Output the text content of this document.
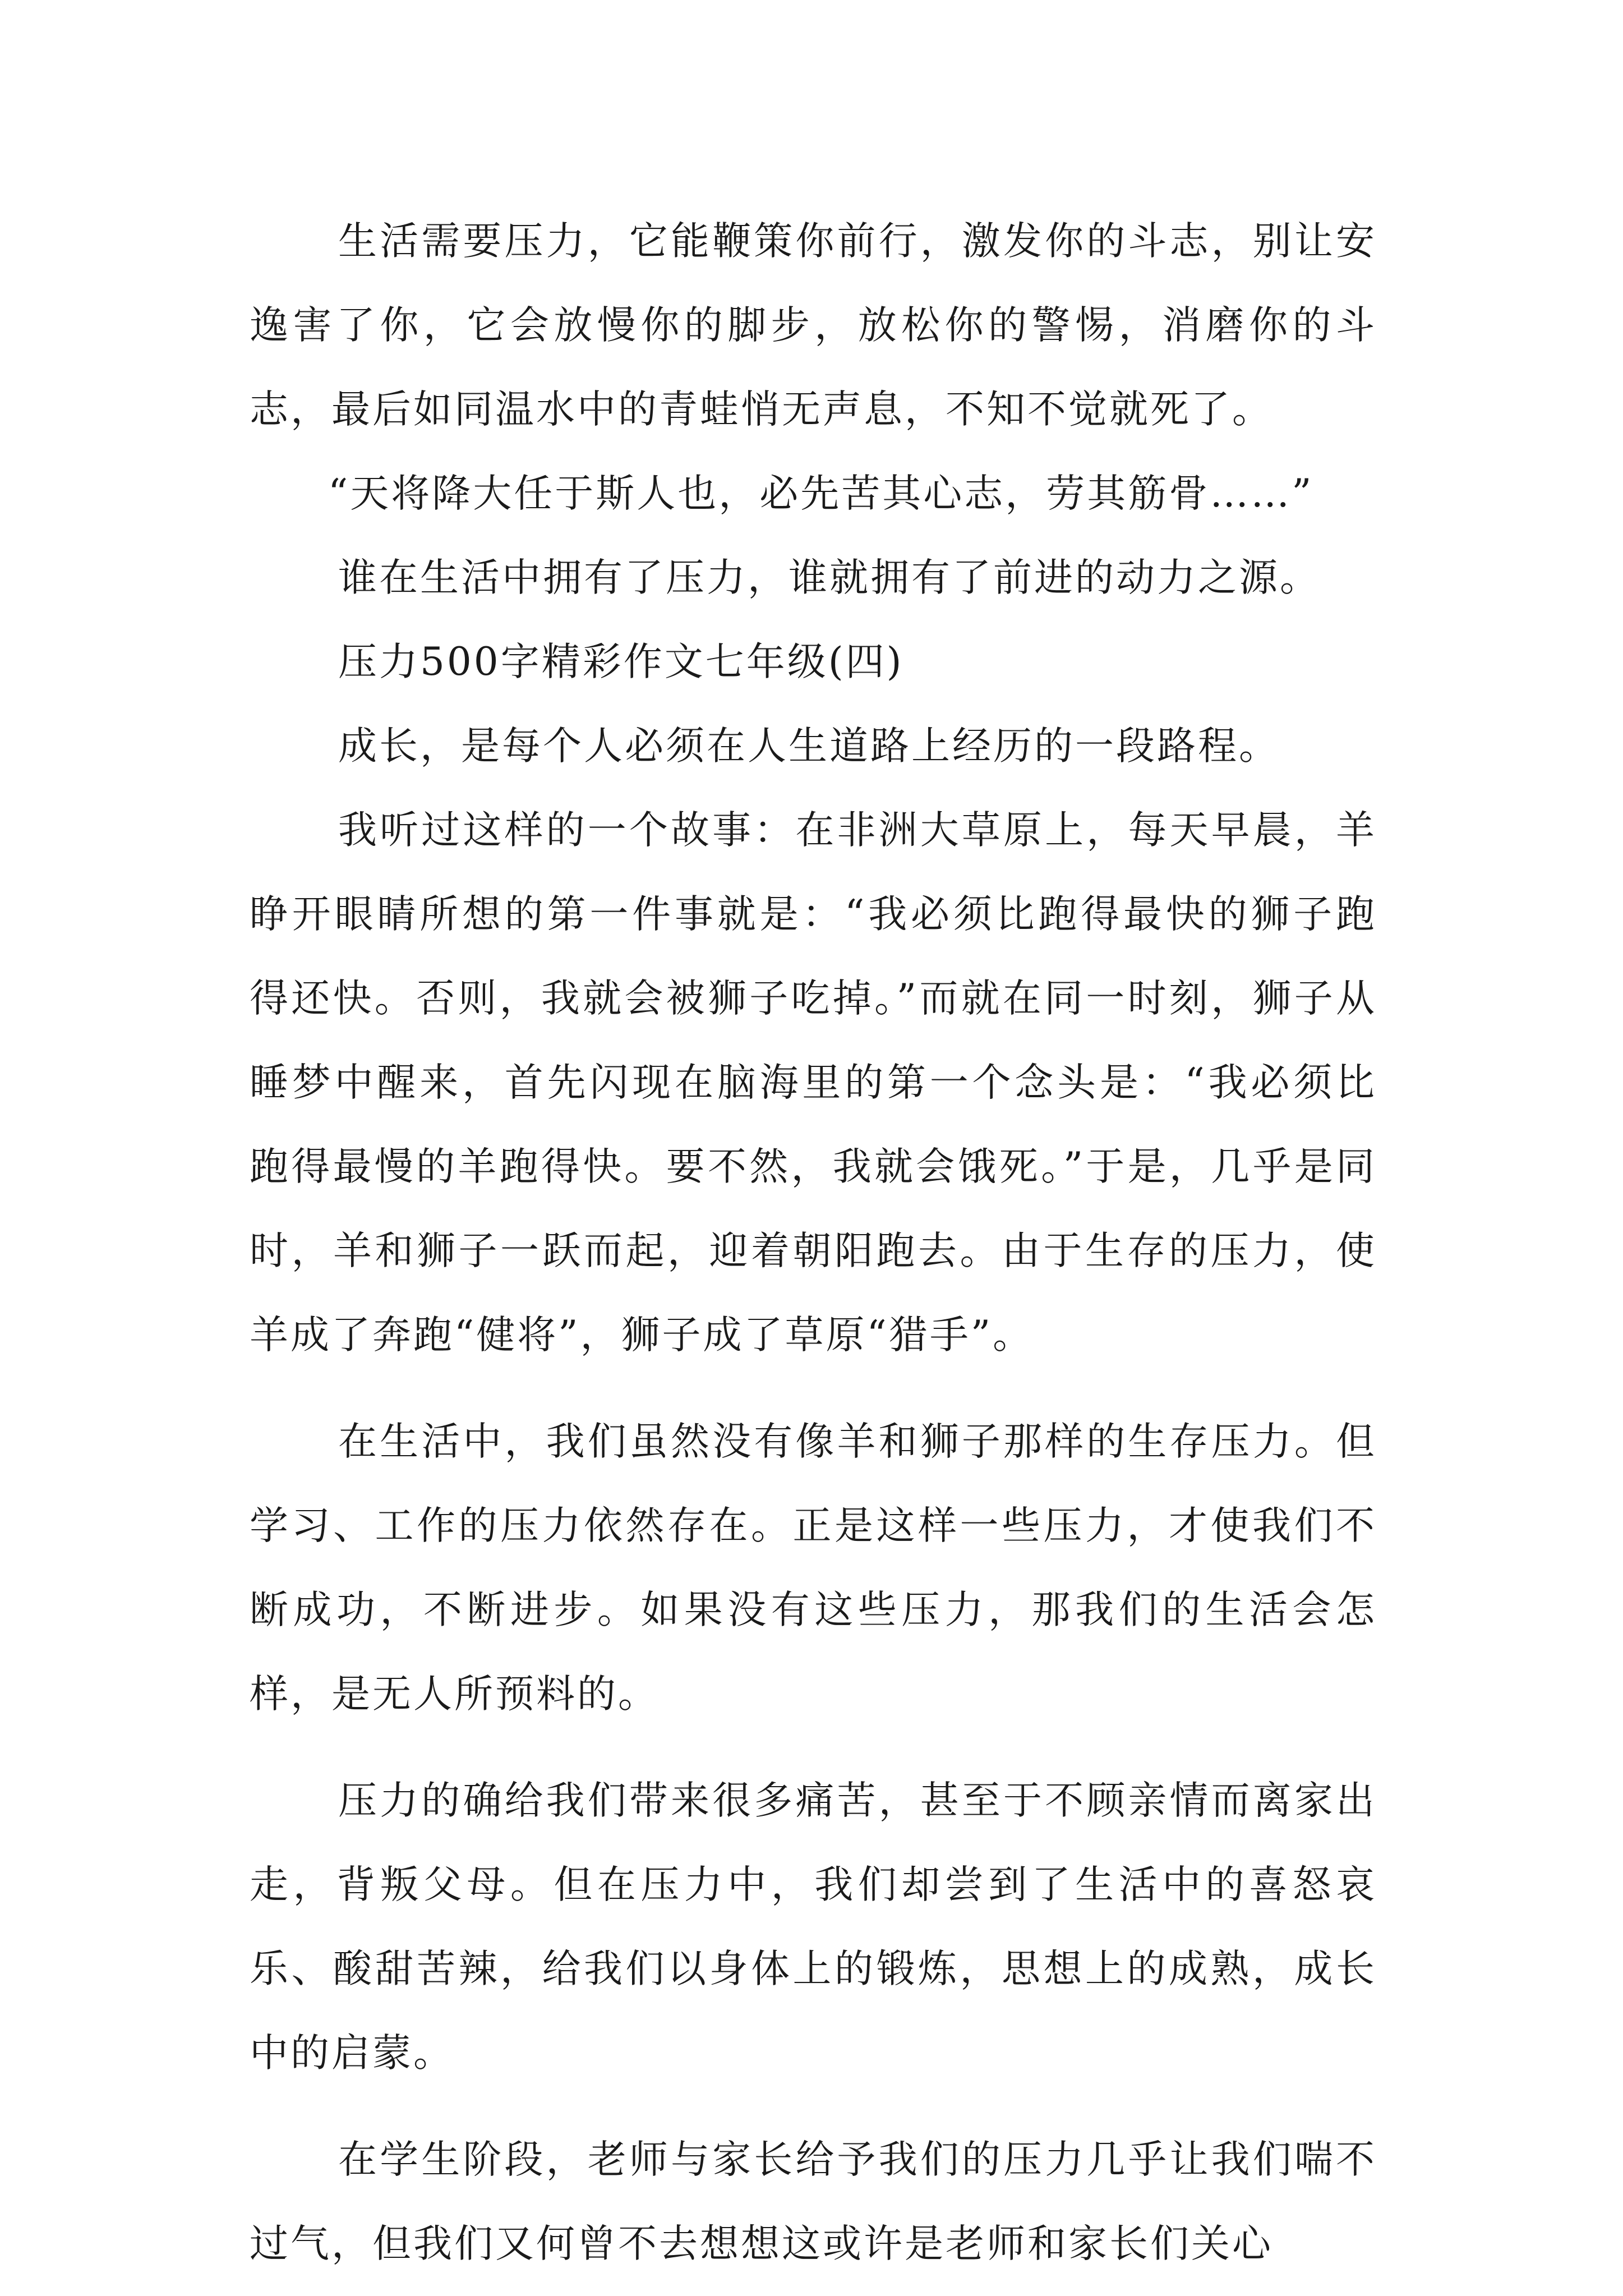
生活需要压力，它能鞭策你前行，激发你的斗志，别让安逸害了你，它会放慢你的脚步，放松你的警惕，消磨你的斗志，最后如同温水中的青蛙悄无声息，不知不觉就死了。

“天将降大任于斯人也，必先苦其心志，劳其筋骨……”

谁在生活中拥有了压力，谁就拥有了前进的动力之源。

压力500字精彩作文七年级(四)

成长，是每个人必须在人生道路上经历的一段路程。

我听过这样的一个故事：在非洲大草原上，每天早晨，羊睁开眼睛所想的第一件事就是：“我必须比跑得最快的狮子跑得还快。否则，我就会被狮子吃掉。”而就在同一时刻，狮子从睡梦中醒来，首先闪现在脑海里的第一个念头是：“我必须比跑得最慢的羊跑得快。要不然，我就会饿死。”于是，几乎是同时，羊和狮子一跃而起，迎着朝阳跑去。由于生存的压力，使羊成了奔跑“健将”，狮子成了草原“猎手”。

在生活中，我们虽然没有像羊和狮子那样的生存压力。但学习、工作的压力依然存在。正是这样一些压力，才使我们不断成功，不断进步。如果没有这些压力，那我们的生活会怎样，是无人所预料的。

压力的确给我们带来很多痛苦，甚至于不顾亲情而离家出走，背叛父母。但在压力中，我们却尝到了生活中的喜怒哀乐、酸甜苦辣，给我们以身体上的锻炼，思想上的成熟，成长中的启蒙。

在学生阶段，老师与家长给予我们的压力几乎让我们喘不过气，但我们又何曾不去想想这或许是老师和家长们关心
